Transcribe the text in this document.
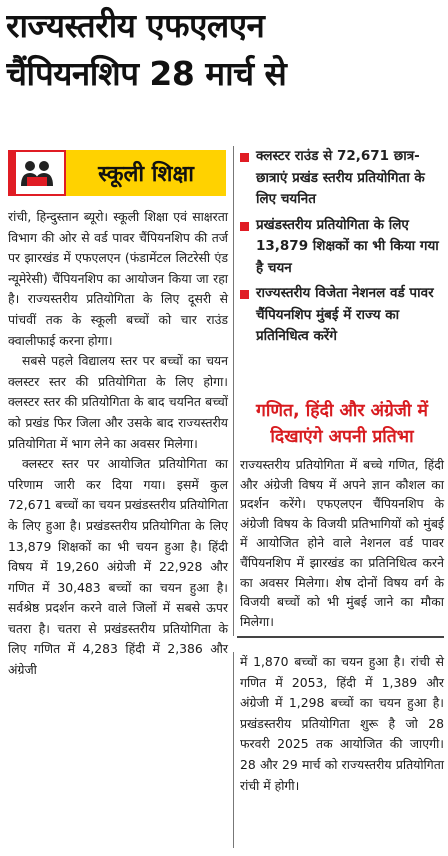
राज्यस्तरीय एफएलएन
चैंपियनशिप 28 मार्च से
स्कूली शिक्षा

रांची, हिन्दुस्तान ब्यूरो। स्कूली शिक्षा एवं साक्षरता विभाग की ओर से वर्ड पावर चैंपियनशिप की तर्ज पर झारखंड में एफएलएन (फंडामेंटल लिटरेसी एंड न्यूमेरेसी) चैंपियनशिप का आयोजन किया जा रहा है। राज्यस्तरीय प्रतियोगिता के लिए दूसरी से पांचवीं तक के स्कूली बच्चों को चार राउंड क्वालीफाई करना होगा।

सबसे पहले विद्यालय स्तर पर बच्चों का चयन क्लस्टर स्तर की प्रतियोगिता के लिए होगा। क्लस्टर स्तर की प्रतियोगिता के बाद चयनित बच्चों को प्रखंड फिर जिला और उसके बाद राज्यस्तरीय प्रतियोगिता में भाग लेने का अवसर मिलेगा।

क्लस्टर स्तर पर आयोजित प्रतियोगिता का परिणाम जारी कर दिया गया। इसमें कुल 72,671 बच्चों का चयन प्रखंडस्तरीय प्रतियोगिता के लिए हुआ है। प्रखंडस्तरीय प्रतियोगिता के लिए 13,879 शिक्षकों का भी चयन हुआ है। हिंदी विषय में 19,260 अंग्रेजी में 22,928 और गणित में 30,483 बच्चों का चयन हुआ है। सर्वश्रेष्ठ प्रदर्शन करने वाले जिलों में सबसे ऊपर चतरा है। चतरा से प्रखंडस्तरीय प्रतियोगिता के लिए गणित में 4,283 हिंदी में 2,386 और अंग्रेजी

क्लस्टर राउंड से 72,671 छात्र-छात्राएं प्रखंड स्तरीय प्रतियोगिता के लिए चयनित
प्रखंडस्तरीय प्रतियोगिता के लिए 13,879 शिक्षकों का भी किया गया है चयन
राज्यस्तरीय विजेता नेशनल वर्ड पावर चैंपियनशिप मुंबई में राज्य का प्रतिनिधित्व करेंगे
गणित, हिंदी और अंग्रेजी में दिखाएंगे अपनी प्रतिभा

राज्यस्तरीय प्रतियोगिता में बच्चे गणित, हिंदी और अंग्रेजी विषय में अपने ज्ञान कौशल का प्रदर्शन करेंगे। एफएलएन चैंपियनशिप के अंग्रेजी विषय के विजयी प्रतिभागियों को मुंबई में आयोजित होने वाले नेशनल वर्ड पावर चैंपियनशिप में झारखंड का प्रतिनिधित्व करने का अवसर मिलेगा। शेष दोनों विषय वर्ग के विजयी बच्चों को भी मुंबई जाने का मौका मिलेगा।

में 1,870 बच्चों का चयन हुआ है। रांची से गणित में 2053, हिंदी में 1,389 और अंग्रेजी में 1,298 बच्चों का चयन हुआ है। प्रखंडस्तरीय प्रतियोगिता शुरू है जो 28 फरवरी 2025 तक आयोजित की जाएगी। 28 और 29 मार्च को राज्यस्तरीय प्रतियोगिता रांची में होगी।
